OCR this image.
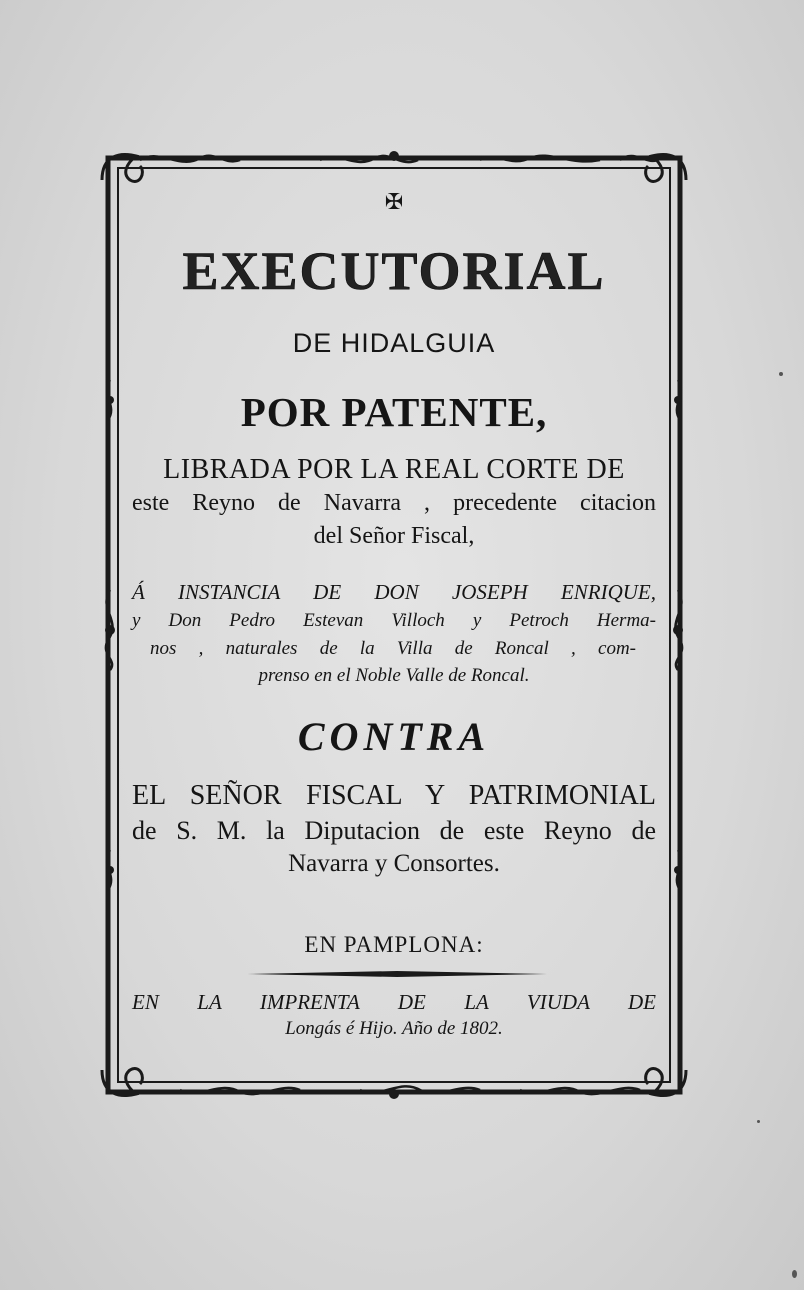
✠
EXECUTORIAL
DE HIDALGUIA
POR PATENTE,
LIBRADA POR LA REAL CORTE DE
este Reyno de Navarra , precedente citacion
del Señor Fiscal,
Á INSTANCIA DE DON JOSEPH ENRIQUE,
y Don Pedro Estevan Villoch y Petroch Herma-
nos , naturales de la Villa de Roncal , com-
prenso en el Noble Valle de Roncal.
CONTRA
EL SEÑOR FISCAL Y PATRIMONIAL
de S. M. la Diputacion de este Reyno de
Navarra y Consortes.
EN PAMPLONA:
EN LA IMPRENTA DE LA VIUDA DE
Longás é Hijo. Año de 1802.
